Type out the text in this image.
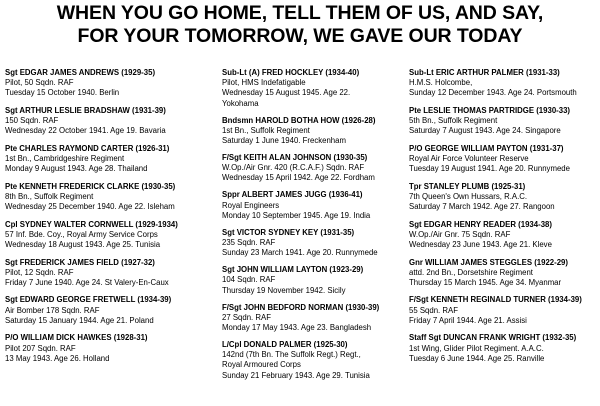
WHEN YOU GO HOME, TELL THEM OF US, AND SAY,
FOR YOUR TOMORROW, WE GAVE OUR TODAY
Sgt EDGAR JAMES ANDREWS (1929-35)
Pilot, 50 Sqdn. RAF
Tuesday 15 October 1940. Berlin
Sgt ARTHUR LESLIE BRADSHAW (1931-39)
150 Sqdn. RAF
Wednesday 22 October 1941. Age 19. Bavaria
Pte CHARLES RAYMOND CARTER (1926-31)
1st Bn., Cambridgeshire Regiment
Monday 9 August 1943. Age 28. Thailand
Pte KENNETH FREDERICK CLARKE (1930-35)
8th Bn., Suffolk Regiment
Wednesday 25 December 1940. Age 22. Isleham
Cpl SYDNEY WALTER CORNWELL (1929-1934)
57 Inf. Bde. Coy., Royal Army Service Corps
Wednesday 18 August 1943. Age 25. Tunisia
Sgt FREDERICK JAMES FIELD (1927-32)
Pilot, 12 Sqdn. RAF
Friday 7 June 1940. Age 24. St Valery-En-Caux
Sgt EDWARD GEORGE FRETWELL (1934-39)
Air Bomber 178 Sqdn. RAF
Saturday 15 January 1944. Age 21. Poland
P/O WILLIAM DICK HAWKES (1928-31)
Pilot 207 Sqdn. RAF
13 May 1943. Age 26. Holland
Sub-Lt (A) FRED HOCKLEY (1934-40)
Pilot, HMS Indefatigable
Wednesday 15 August 1945. Age 22.
Yokohama
Bndsmn HAROLD BOTHA HOW (1926-28)
1st Bn., Suffolk Regiment
Saturday 1 June 1940. Freckenham
F/Sgt KEITH ALAN JOHNSON (1930-35)
W.Op./Air Gnr. 420 (R.C.A.F.) Sqdn. RAF
Wednesday 15 April 1942. Age 22. Fordham
Sppr ALBERT JAMES JUGG (1936-41)
Royal Engineers
Monday 10 September 1945. Age 19. India
Sgt VICTOR SYDNEY KEY (1931-35)
235 Sqdn. RAF
Sunday 23 March 1941. Age 20. Runnymede
Sgt JOHN WILLIAM LAYTON (1923-29)
104 Sqdn. RAF
Thursday 19 November 1942. Sicily
F/Sgt JOHN BEDFORD NORMAN (1930-39)
27 Sqdn. RAF
Monday 17 May 1943. Age 23. Bangladesh
L/Cpl DONALD PALMER (1925-30)
142nd (7th Bn. The Suffolk Regt.) Regt.,
Royal Armoured Corps
Sunday 21 February 1943. Age 29. Tunisia
Sub-Lt ERIC ARTHUR PALMER (1931-33)
H.M.S. Holcombe,
Sunday 12 December 1943. Age 24. Portsmouth
Pte LESLIE THOMAS PARTRIDGE (1930-33)
5th Bn., Suffolk Regiment
Saturday 7 August 1943. Age 24. Singapore
P/O GEORGE WILLIAM PAYTON (1931-37)
Royal Air Force Volunteer Reserve
Tuesday 19 August 1941. Age 20. Runnymede
Tpr STANLEY PLUMB (1925-31)
7th Queen's Own Hussars, R.A.C.
Saturday 7 March 1942. Age 27. Rangoon
Sgt EDGAR HENRY READER (1934-38)
W.Op./Air Gnr. 75 Sqdn. RAF
Wednesday 23 June 1943. Age 21. Kleve
Gnr WILLIAM JAMES STEGGLES (1922-29)
attd. 2nd Bn., Dorsetshire Regiment
Thursday 15 March 1945. Age 34. Myanmar
F/Sgt KENNETH REGINALD TURNER (1934-39)
55 Sqdn. RAF
Friday 7 April 1944. Age 21. Assisi
Staff Sgt DUNCAN FRANK WRIGHT (1932-35)
1st Wing, Glider Pilot Regiment. A.A.C.
Tuesday 6 June 1944. Age 25. Ranville
